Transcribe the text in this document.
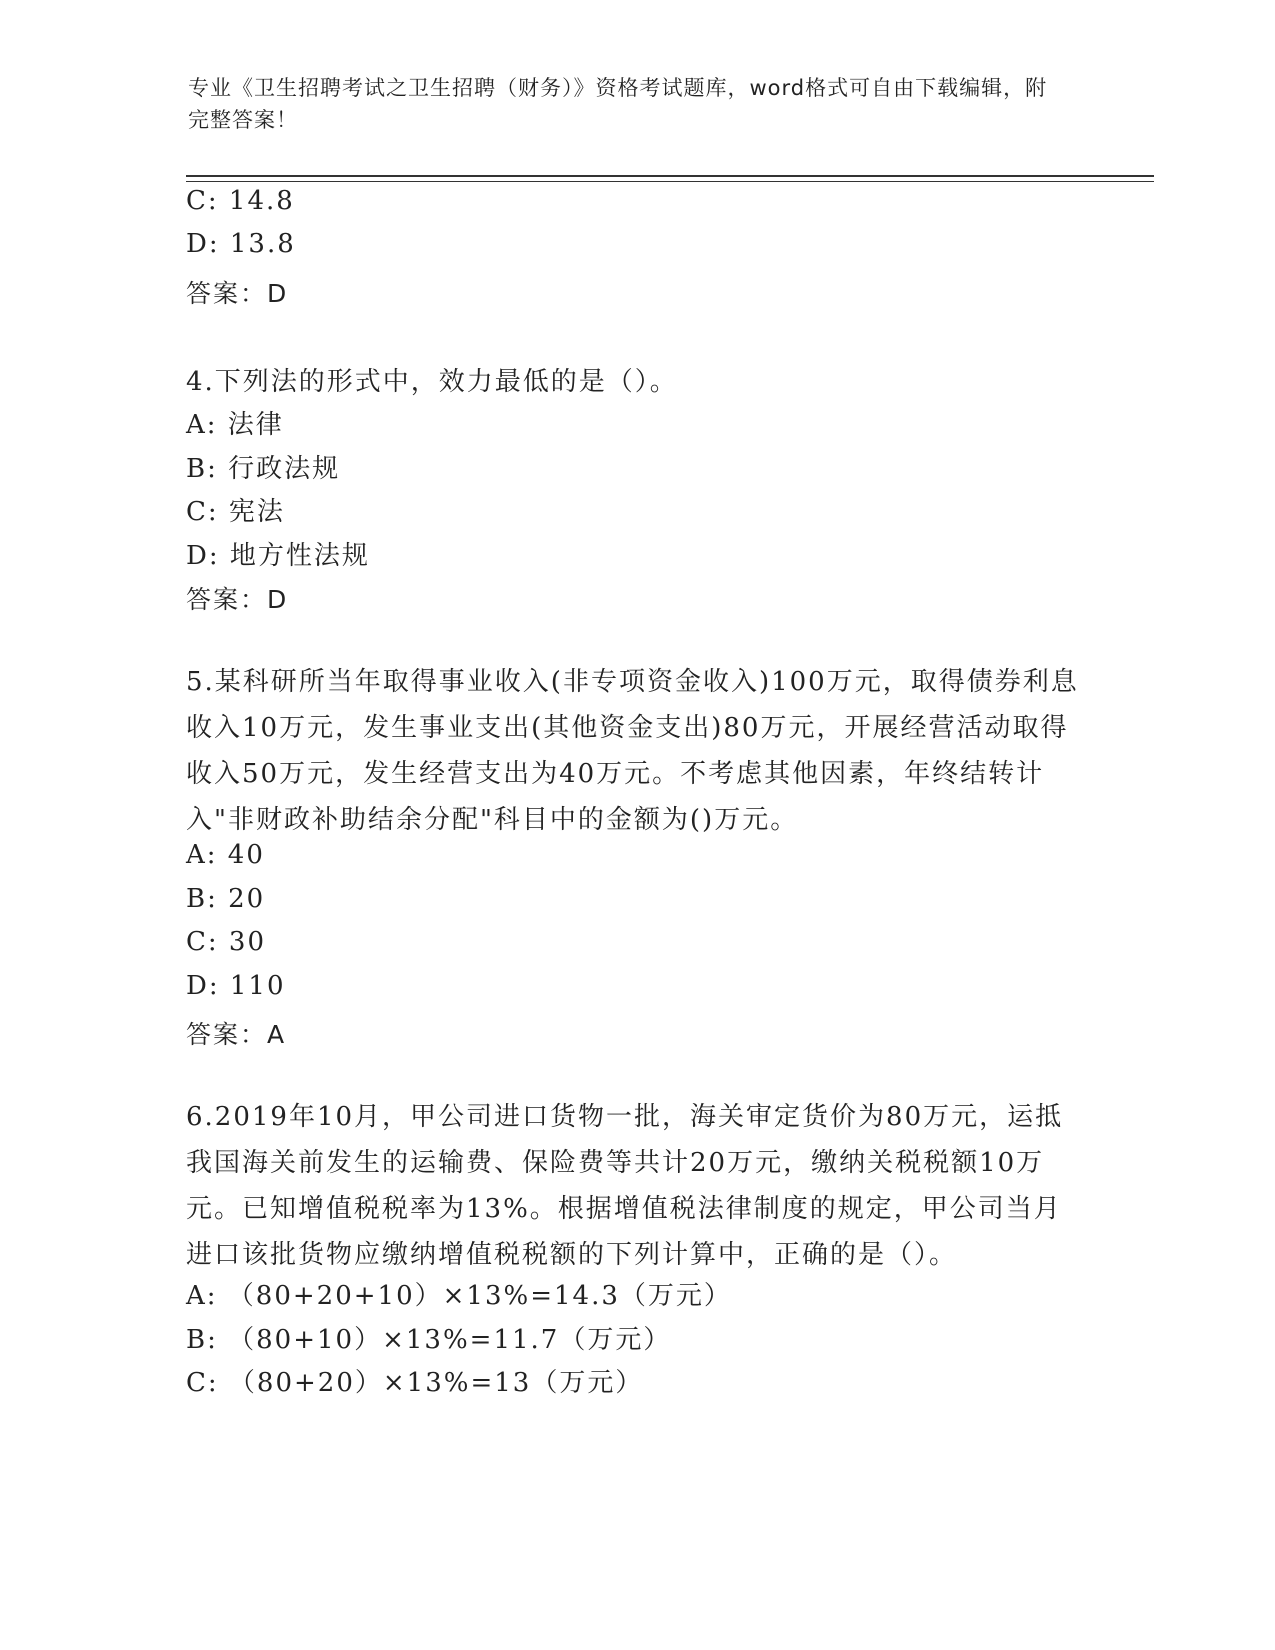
专业《卫生招聘考试之卫生招聘（财务）》资格考试题库，word格式可自由下载编辑，附完整答案！
C: 14.8
D: 13.8
答案：D
4.下列法的形式中，效力最低的是（）。
A: 法律
B: 行政法规
C: 宪法
D: 地方性法规
答案：D
5.某科研所当年取得事业收入(非专项资金收入)100万元，取得债券利息收入10万元，发生事业支出(其他资金支出)80万元，开展经营活动取得收入50万元，发生经营支出为40万元。不考虑其他因素，年终结转计入"非财政补助结余分配"科目中的金额为()万元。
A: 40
B: 20
C: 30
D: 110
答案：A
6.2019年10月，甲公司进口货物一批，海关审定货价为80万元，运抵我国海关前发生的运输费、保险费等共计20万元，缴纳关税税额10万元。已知增值税税率为13%。根据增值税法律制度的规定，甲公司当月进口该批货物应缴纳增值税税额的下列计算中，正确的是（）。
A: （80+20+10）×13%=14.3（万元）
B: （80+10）×13%=11.7（万元）
C: （80+20）×13%=13（万元）
